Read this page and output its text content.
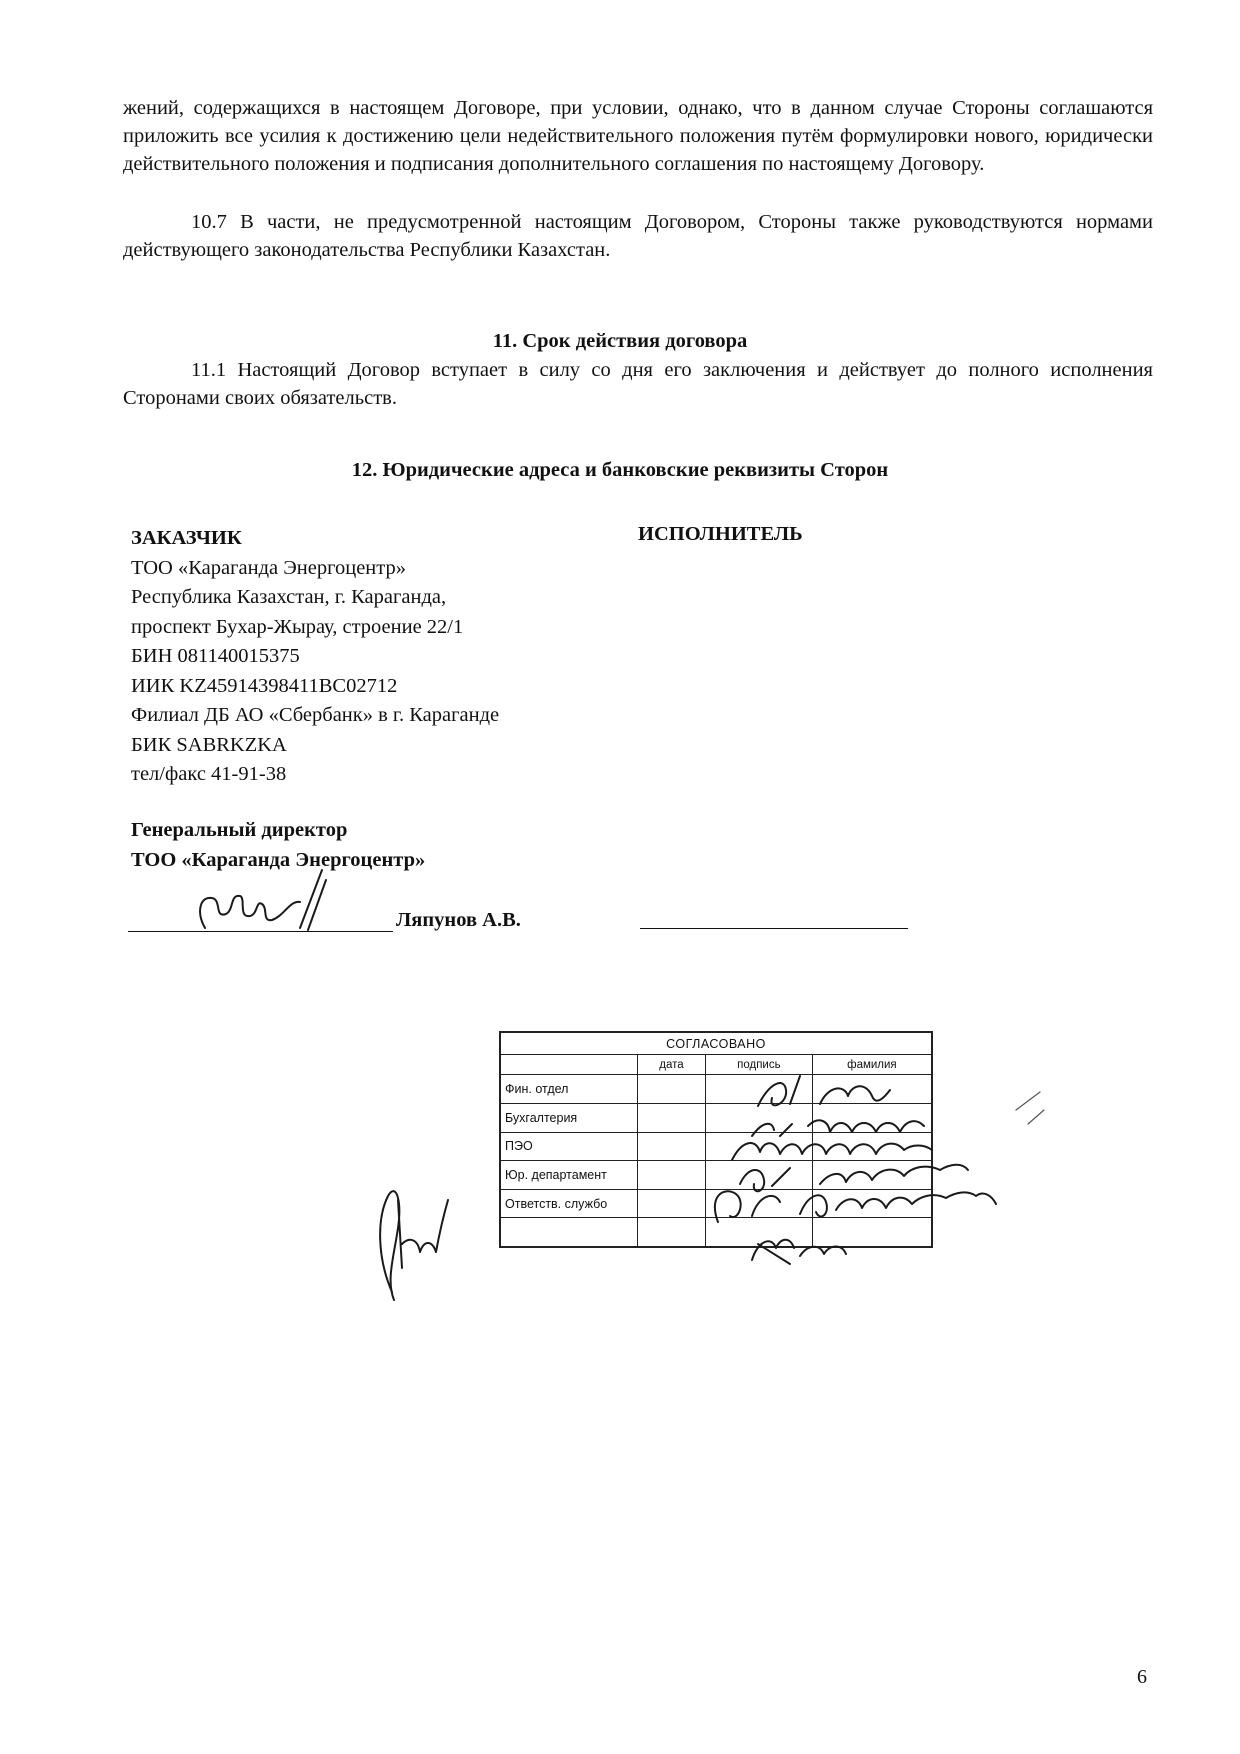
жений, содержащихся в настоящем Договоре, при условии, однако, что в данном случае Стороны соглашаются приложить все усилия к достижению цели недействительного положения путём формулировки нового, юридически действительного положения и подписания дополнительного соглашения по настоящему Договору.
10.7 В части, не предусмотренной настоящим Договором, Стороны также руководствуются нормами действующего законодательства Республики Казахстан.
11. Срок действия договора
11.1 Настоящий Договор вступает в силу со дня его заключения и действует до полного исполнения Сторонами своих обязательств.
12. Юридические адреса и банковские реквизиты Сторон
ЗАКАЗЧИК
ТОО «Караганда Энергоцентр»
Республика Казахстан, г. Караганда,
проспект Бухар-Жырау, строение 22/1
БИН 081140015375
ИИК KZ45914398411BC02712
Филиал ДБ АО «Сбербанк» в г. Караганде
БИК SABRKZKA
тел/факс 41-91-38
ИСПОЛНИТЕЛЬ
Генеральный директор
ТОО «Караганда Энергоцентр»
Ляпунов А.В.
СОГЛАСОВАНО			
	дата	подпись	фамилия
Фин. отдел			
Бухгалтерия			
ПЭО			
Юр. департамент			
Ответств. службо			

6
